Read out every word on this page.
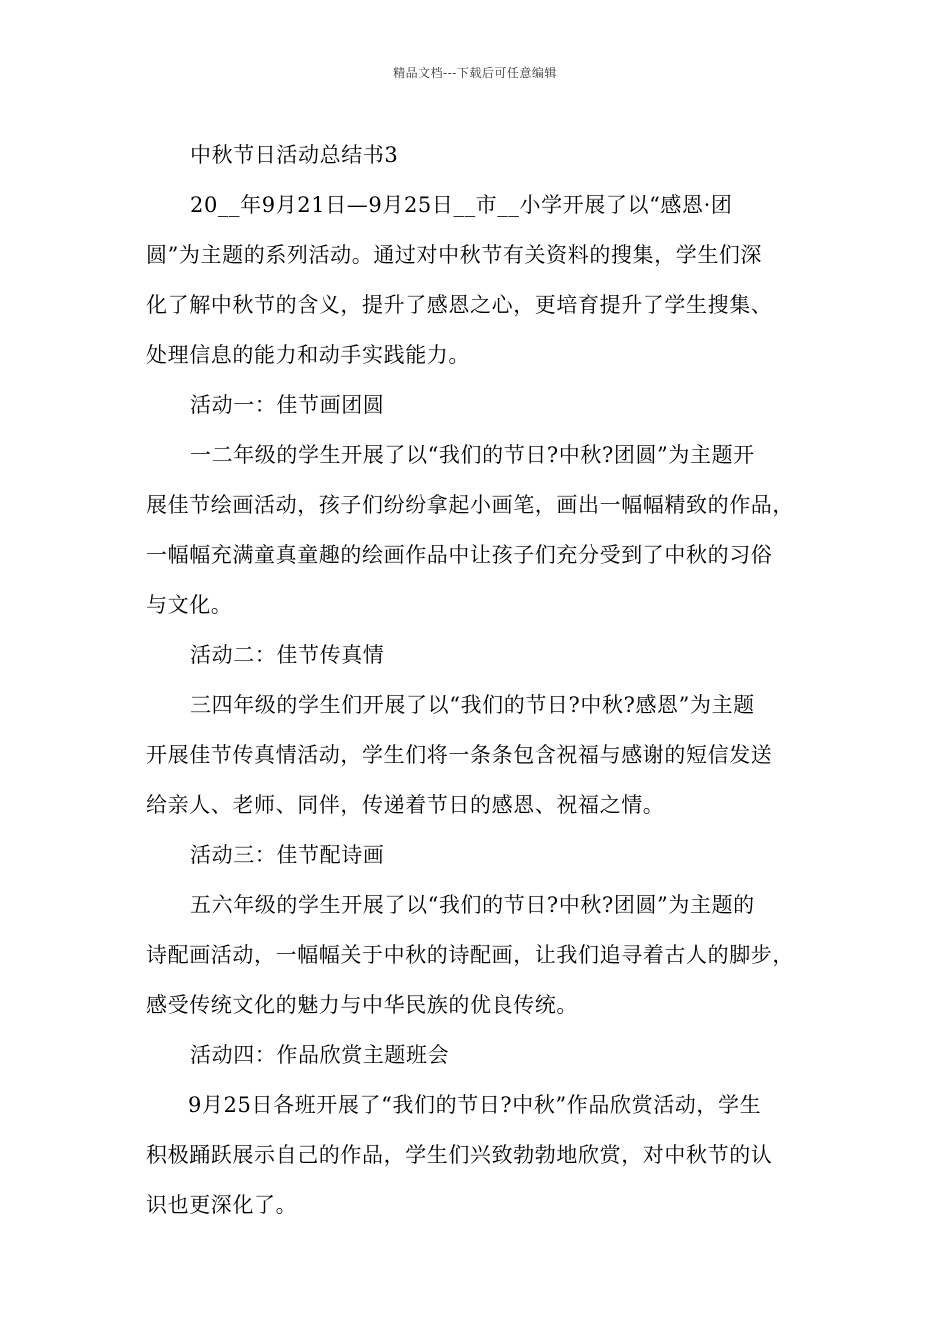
精品文档---下载后可任意编辑
中秋节日活动总结书3
20__年9月21日—9月25日__市__小学开展了以“感恩·团
圆”为主题的系列活动。通过对中秋节有关资料的搜集，学生们深
化了解中秋节的含义，提升了感恩之心，更培育提升了学生搜集、
处理信息的能力和动手实践能力。
活动一：佳节画团圆
一二年级的学生开展了以“我们的节日?中秋?团圆”为主题开
展佳节绘画活动，孩子们纷纷拿起小画笔，画出一幅幅精致的作品，
一幅幅充满童真童趣的绘画作品中让孩子们充分受到了中秋的习俗
与文化。
活动二：佳节传真情
三四年级的学生们开展了以“我们的节日?中秋?感恩”为主题
开展佳节传真情活动，学生们将一条条包含祝福与感谢的短信发送
给亲人、老师、同伴，传递着节日的感恩、祝福之情。
活动三：佳节配诗画
五六年级的学生开展了以“我们的节日?中秋?团圆”为主题的
诗配画活动，一幅幅关于中秋的诗配画，让我们追寻着古人的脚步，
感受传统文化的魅力与中华民族的优良传统。
活动四：作品欣赏主题班会
9月25日各班开展了“我们的节日?中秋”作品欣赏活动，学生
积极踊跃展示自己的作品，学生们兴致勃勃地欣赏，对中秋节的认
识也更深化了。
